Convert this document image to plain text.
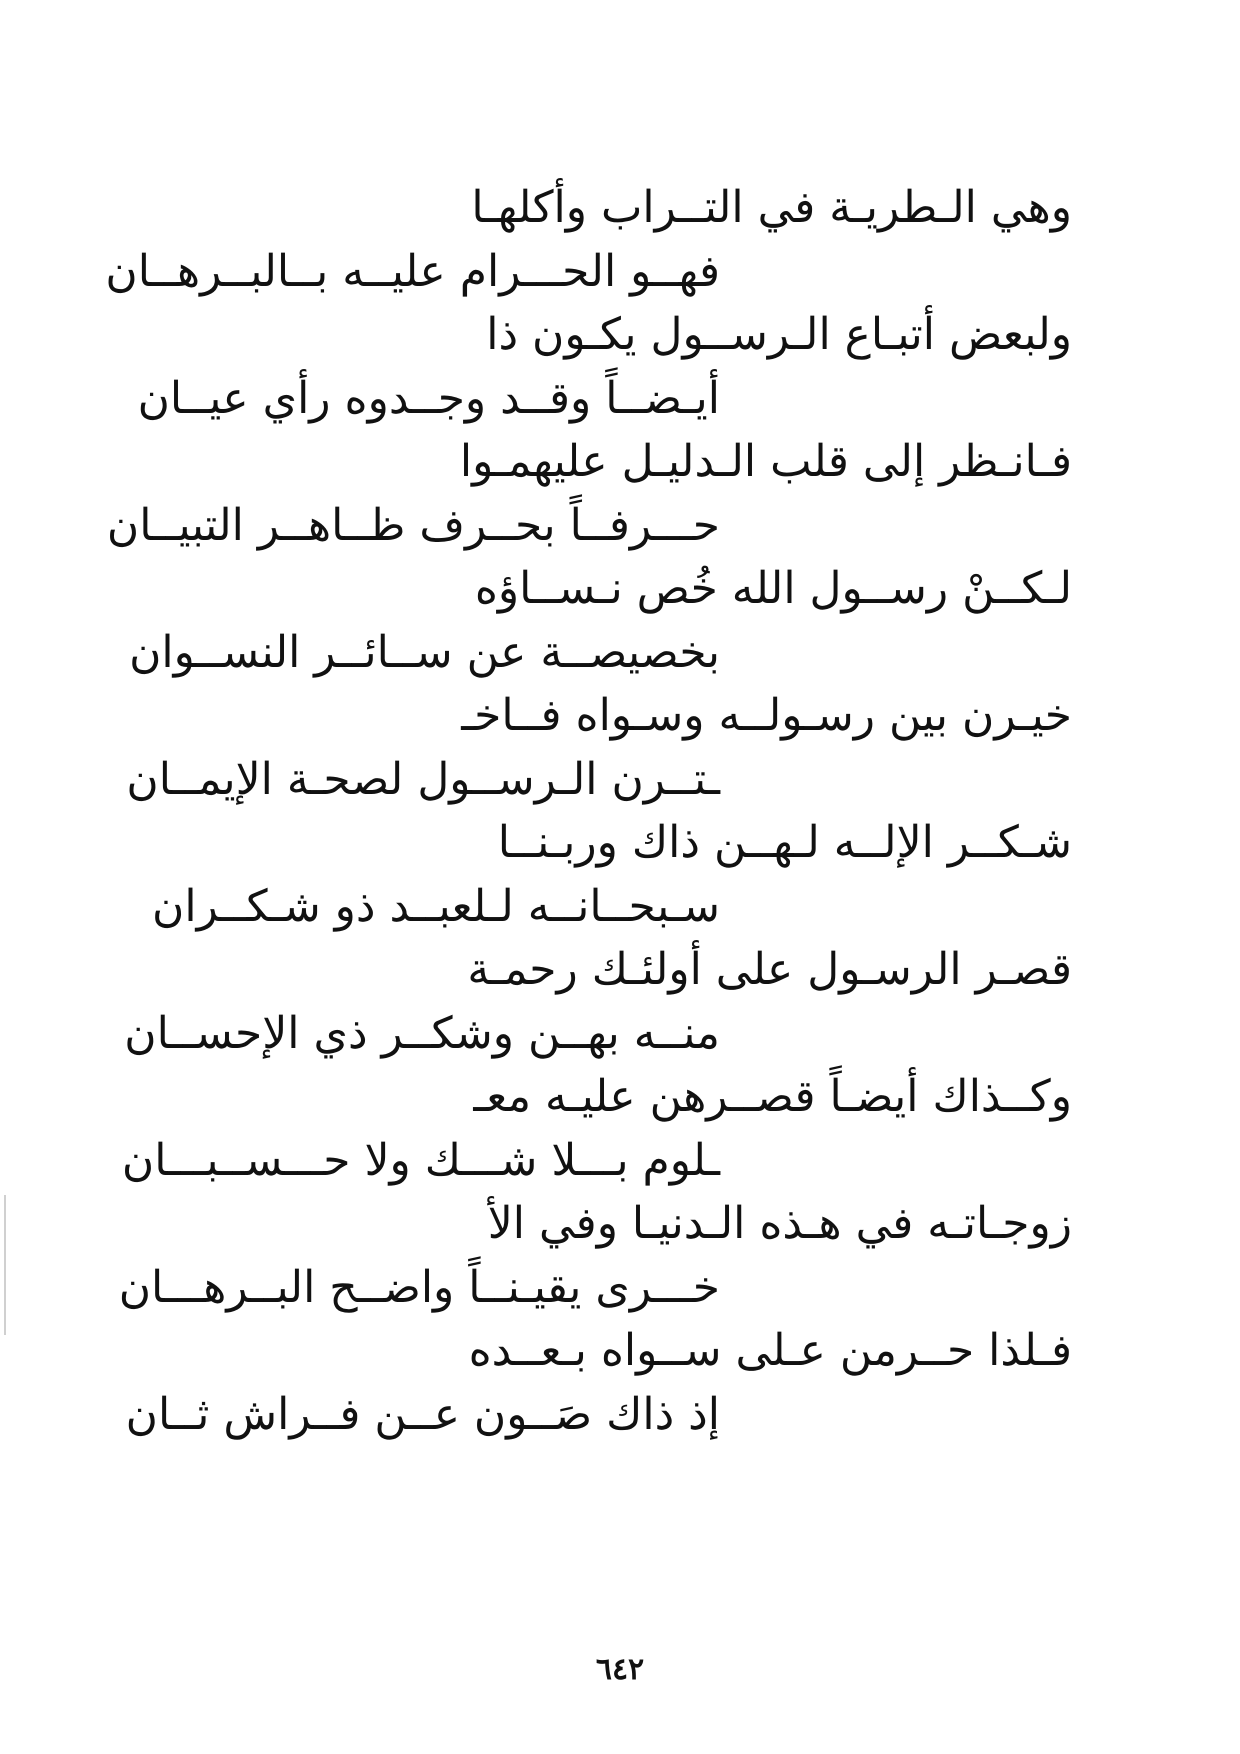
وهي الـطريـة في التــراب وأكلهـا
فهــو الحـــرام عليــه بــالبــرهــان
ولبعض أتبـاع الـرســول يكـون ذا
أيـضــاً وقــد وجــدوه رأي عيــان
فـانـظر إلى قلب الـدليـل عليهمـوا
حـــرفــاً بحــرف ظــاهــر التبيــان
لـكــنْ رســول الله خُص نـســاؤه
بخصيصــة عن ســائــر النســوان
خيـرن بين رسـولــه وسـواه فــاخـ
ـتــرن الـرســول لصحـة الإيمــان
شـكــر الإلــه لـهــن ذاك وربـنــا
سـبحــانــه لـلعبــد ذو شـكــران
قصـر الرسـول على أولئـك رحمـة
منــه بهــن وشكــر ذي الإحســان
وكــذاك أيضـاً قصــرهن عليـه معـ
ـلوم بـــلا شـــك ولا حـــســبـــان
زوجـاتـه في هـذه الـدنيـا وفي الأ
خـــرى يقيـنــاً واضــح البــرهـــان
فـلذا حــرمن عـلى ســواه بـعــده
إذ ذاك صَــون عــن فــراش ثــان
٦٤٢
